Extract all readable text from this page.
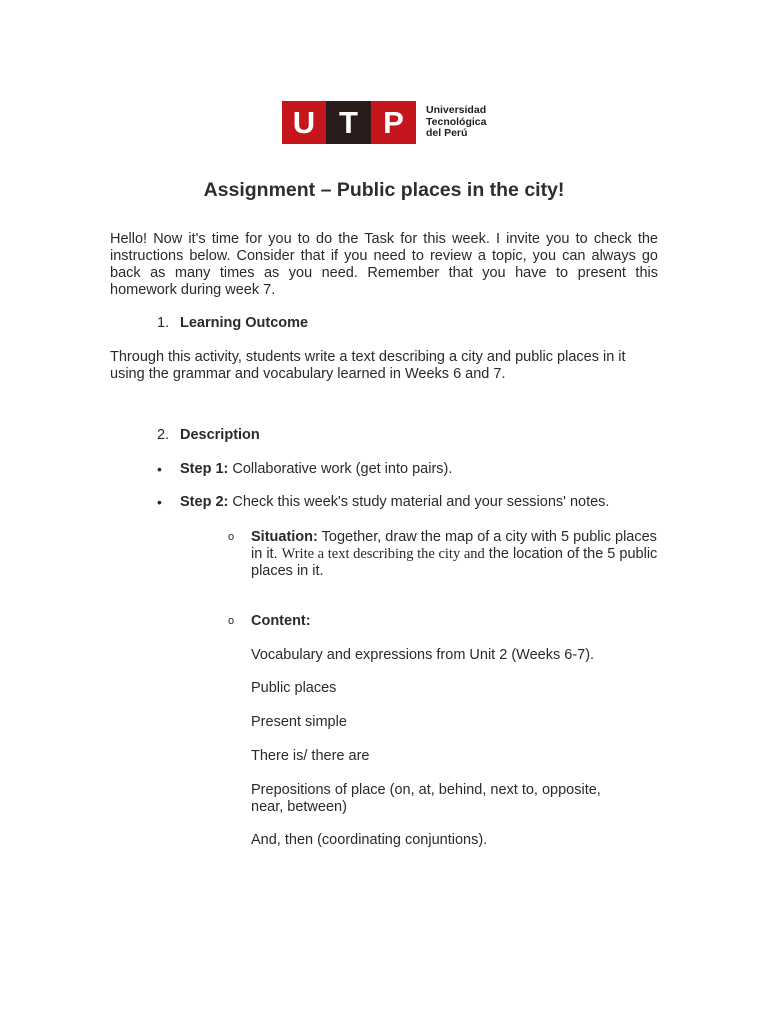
U T P	Universidad
Tecnológica
del Perú
Assignment – Public places in the city!
Hello! Now it's time for you to do the Task for this week. I invite you to check the instructions below. Consider that if you need to review a topic, you can always go back as many times as you need. Remember that you have to present this homework during week 7.
1. Learning Outcome
Through this activity, students write a text describing a city and public places in it using the grammar and vocabulary learned in Weeks 6 and 7.
2. Description
• Step 1: Collaborative work (get into pairs).
• Step 2: Check this week's study material and your sessions' notes.
o Situation: Together, draw the map of a city with 5 public places in it. Write a text describing the city and the location of the 5 public places in it.
o Content:
Vocabulary and expressions from Unit 2 (Weeks 6-7).
Public places
Present simple
There is/ there are
Prepositions of place (on, at, behind, next to, opposite, near, between)
And, then (coordinating conjuntions).
